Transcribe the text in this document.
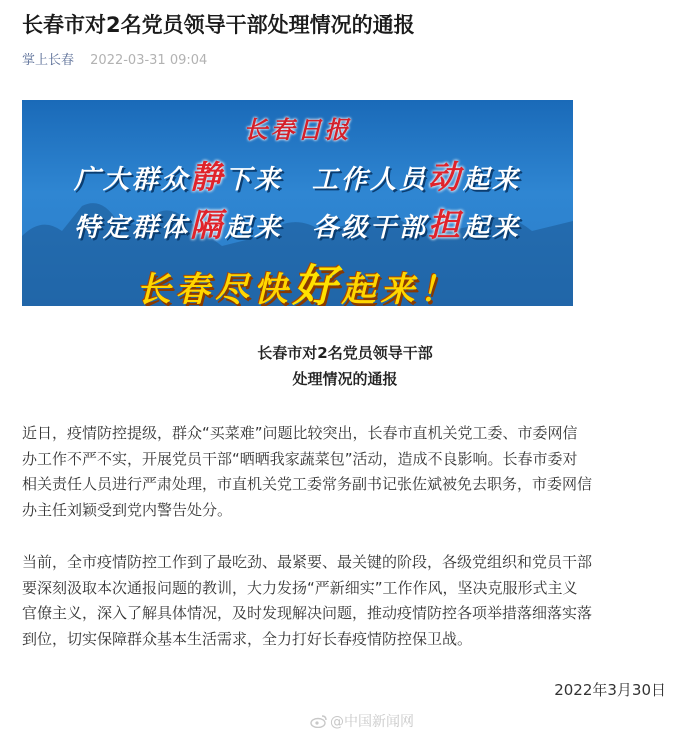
长春市对2名党员领导干部处理情况的通报
掌上长春 2022-03-31 09:04
长春日报
广大群众静下来　工作人员动起来
特定群体隔起来　各级干部担起来
长春尽快好起来！
长春市对2名党员领导干部
处理情况的通报
近日，疫情防控提级，群众“买菜难”问题比较突出，长春市直机关党工委、市委网信
办工作不严不实，开展党员干部“晒晒我家蔬菜包”活动，造成不良影响。长春市委对
相关责任人员进行严肃处理，市直机关党工委常务副书记张佐斌被免去职务，市委网信
办主任刘颖受到党内警告处分。
当前，全市疫情防控工作到了最吃劲、最紧要、最关键的阶段，各级党组织和党员干部
要深刻汲取本次通报问题的教训，大力发扬“严新细实”工作作风，坚决克服形式主义
官僚主义，深入了解具体情况，及时发现解决问题，推动疫情防控各项举措落细落实落
到位，切实保障群众基本生活需求，全力打好长春疫情防控保卫战。
2022年3月30日
@中国新闻网
